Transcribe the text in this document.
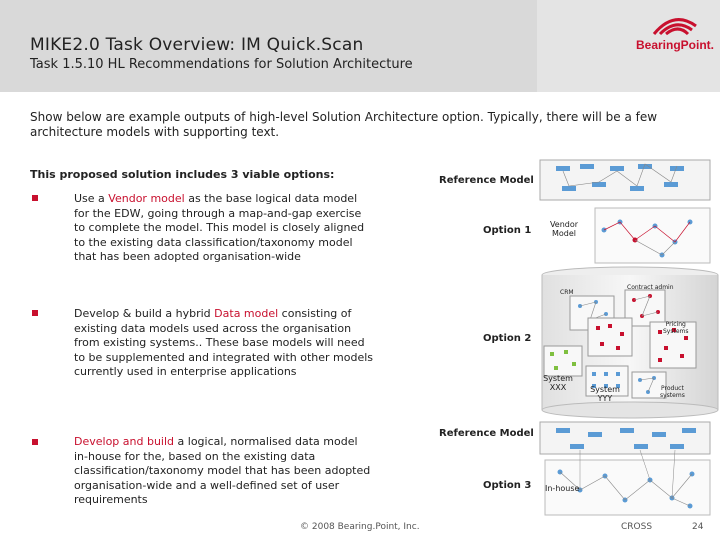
MIKE2.0 Task Overview: IM Quick.Scan
Task 1.5.10 HL Recommendations for Solution Architecture
BearingPoint.
Show below are example outputs of high-level Solution Architecture option. Typically, there will be a few architecture models with supporting text.
This proposed solution includes 3 viable options:
Use a Vendor model as the base logical data model for the EDW, going through a map-and-gap exercise to complete the model. This model is closely aligned to the existing data classification/taxonomy model that has been adopted organisation-wide
Develop & build a hybrid Data model consisting of existing data models used across the organisation from existing systems.. These base models will need to be supplemented and integrated with other models currently used in enterprise applications
Develop and build a logical, normalised data model in-house for the, based on the existing data classification/taxonomy model that has been adopted organisation-wide and a well-defined set of user requirements
Reference Model
Option 1
Vendor
Model
CRM
Contract admin
Option 2
Pricing
Systems
System
XXX	System
YYY
Product
systems
Reference Model
Option 3 In-house
© 2008 Bearing.Point, Inc.	CROSS	24
